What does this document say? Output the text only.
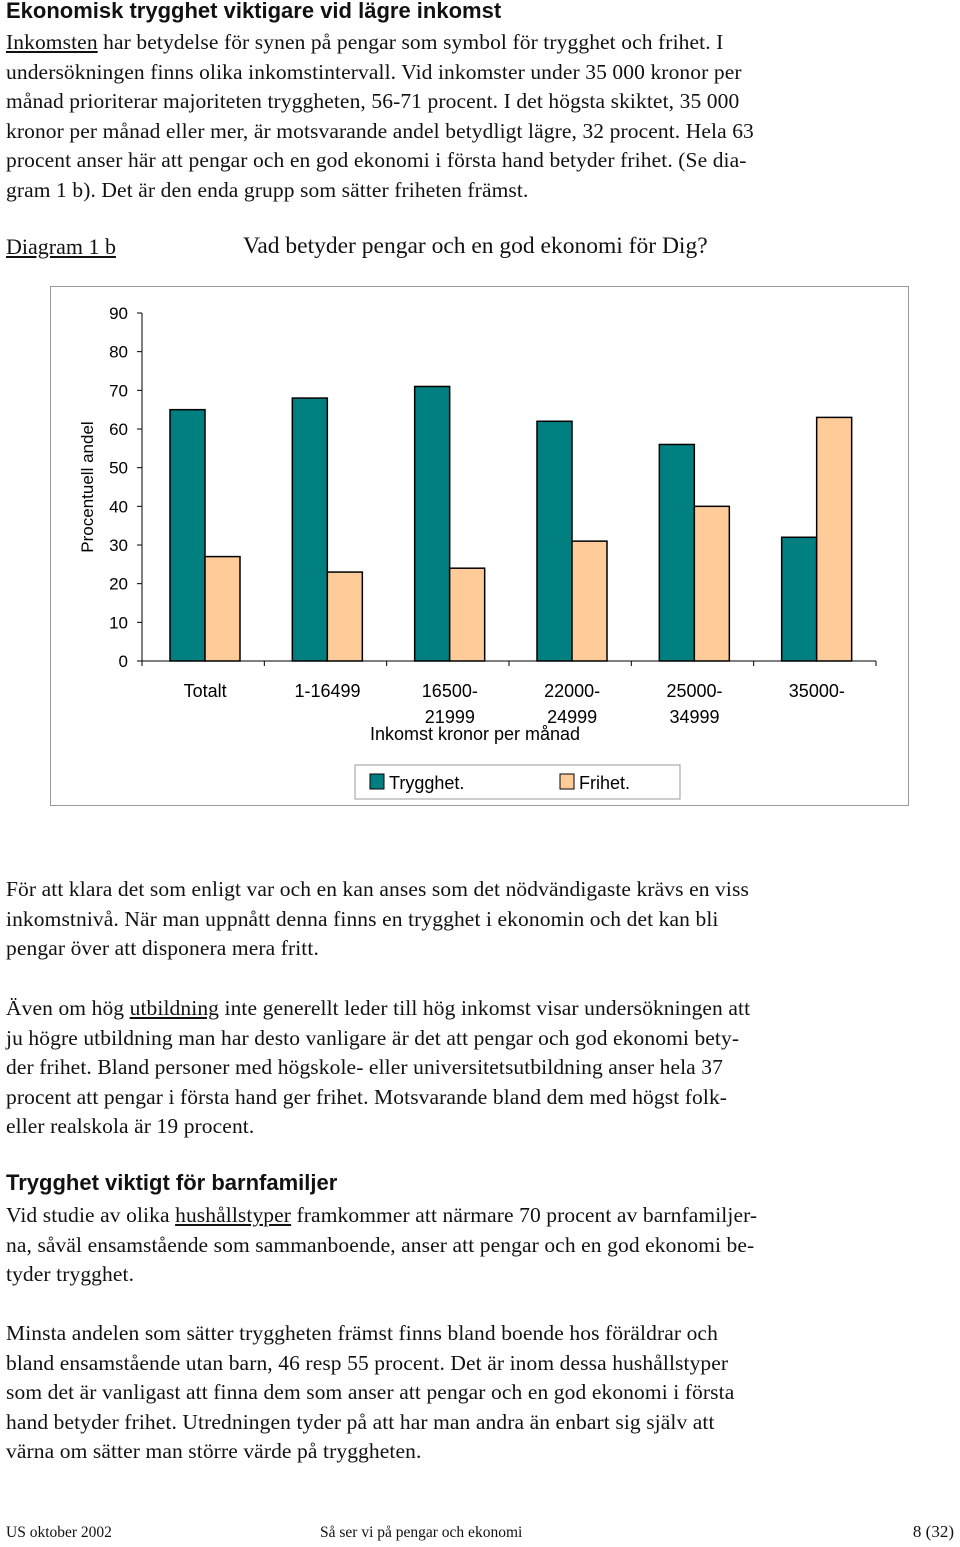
Ekonomisk trygghet viktigare vid lägre inkomst

Inkomsten har betydelse för synen på pengar som symbol för trygghet och frihet. I

undersökningen finns olika inkomstintervall. Vid inkomster under 35 000 kronor per

månad prioriterar majoriteten tryggheten, 56-71 procent. I det högsta skiktet, 35 000

kronor per månad eller mer, är motsvarande andel betydligt lägre, 32 procent. Hela 63

procent anser här att pengar och en god ekonomi i första hand betyder frihet. (Se dia-

gram 1 b). Det är den enda grupp som sätter friheten främst.

Diagram 1 b	Vad betyder pengar och en god ekonomi för Dig?
0
10
20
30
40
50
60
70
80
90
Procentuell andel
Totalt	1-16499	16500-
21999
22000-
24999
25000-
34999
35000-
Inkomst kronor per månad
Trygghet.	Frihet.

För att klara det som enligt var och en kan anses som det nödvändigaste krävs en viss

inkomstnivå. När man uppnått denna finns en trygghet i ekonomin och det kan bli

pengar över att disponera mera fritt.

Även om hög utbildning inte generellt leder till hög inkomst visar undersökningen att

ju högre utbildning man har desto vanligare är det att pengar och god ekonomi bety-

der frihet. Bland personer med högskole- eller universitetsutbildning anser hela 37

procent att pengar i första hand ger frihet. Motsvarande bland dem med högst folk-

eller realskola är 19 procent.

Trygghet viktigt för barnfamiljer

Vid studie av olika hushållstyper framkommer att närmare 70 procent av barnfamiljer-

na, såväl ensamstående som sammanboende, anser att pengar och en god ekonomi be-

tyder trygghet.

Minsta andelen som sätter tryggheten främst finns bland boende hos föräldrar och

bland ensamstående utan barn, 46 resp 55 procent. Det är inom dessa hushållstyper

som det är vanligast att finna dem som anser att pengar och en god ekonomi i första

hand betyder frihet. Utredningen tyder på att har man andra än enbart sig själv att

värna om sätter man större värde på tryggheten.

US oktober 2002	Så ser vi på pengar och ekonomi	8 (32)
